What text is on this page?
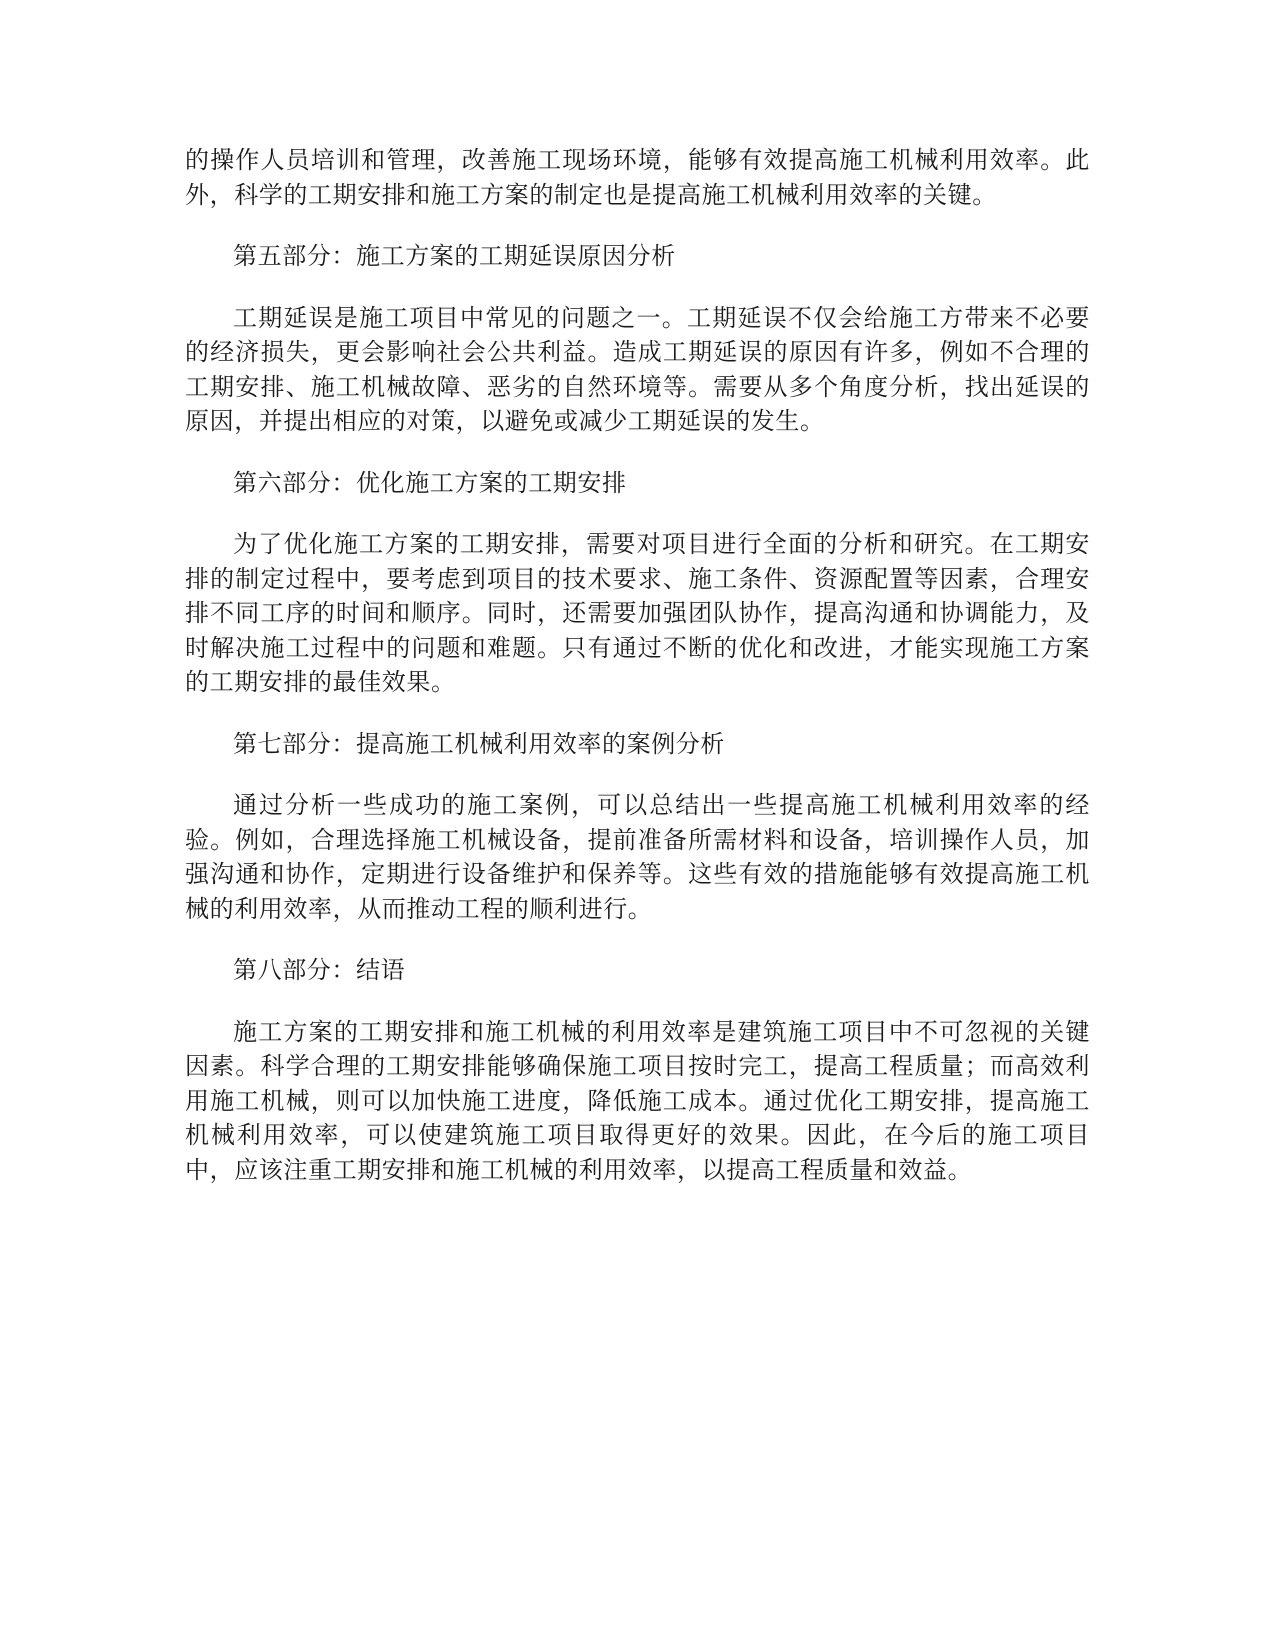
的操作人员培训和管理，改善施工现场环境，能够有效提高施工机械利用效率。此外，科学的工期安排和施工方案的制定也是提高施工机械利用效率的关键。

第五部分：施工方案的工期延误原因分析

工期延误是施工项目中常见的问题之一。工期延误不仅会给施工方带来不必要的经济损失，更会影响社会公共利益。造成工期延误的原因有许多，例如不合理的工期安排、施工机械故障、恶劣的自然环境等。需要从多个角度分析，找出延误的原因，并提出相应的对策，以避免或减少工期延误的发生。

第六部分：优化施工方案的工期安排

为了优化施工方案的工期安排，需要对项目进行全面的分析和研究。在工期安排的制定过程中，要考虑到项目的技术要求、施工条件、资源配置等因素，合理安排不同工序的时间和顺序。同时，还需要加强团队协作，提高沟通和协调能力，及时解决施工过程中的问题和难题。只有通过不断的优化和改进，才能实现施工方案的工期安排的最佳效果。

第七部分：提高施工机械利用效率的案例分析

通过分析一些成功的施工案例，可以总结出一些提高施工机械利用效率的经验。例如，合理选择施工机械设备，提前准备所需材料和设备，培训操作人员，加强沟通和协作，定期进行设备维护和保养等。这些有效的措施能够有效提高施工机械的利用效率，从而推动工程的顺利进行。

第八部分：结语

施工方案的工期安排和施工机械的利用效率是建筑施工项目中不可忽视的关键因素。科学合理的工期安排能够确保施工项目按时完工，提高工程质量；而高效利用施工机械，则可以加快施工进度，降低施工成本。通过优化工期安排，提高施工机械利用效率，可以使建筑施工项目取得更好的效果。因此，在今后的施工项目中，应该注重工期安排和施工机械的利用效率，以提高工程质量和效益。
